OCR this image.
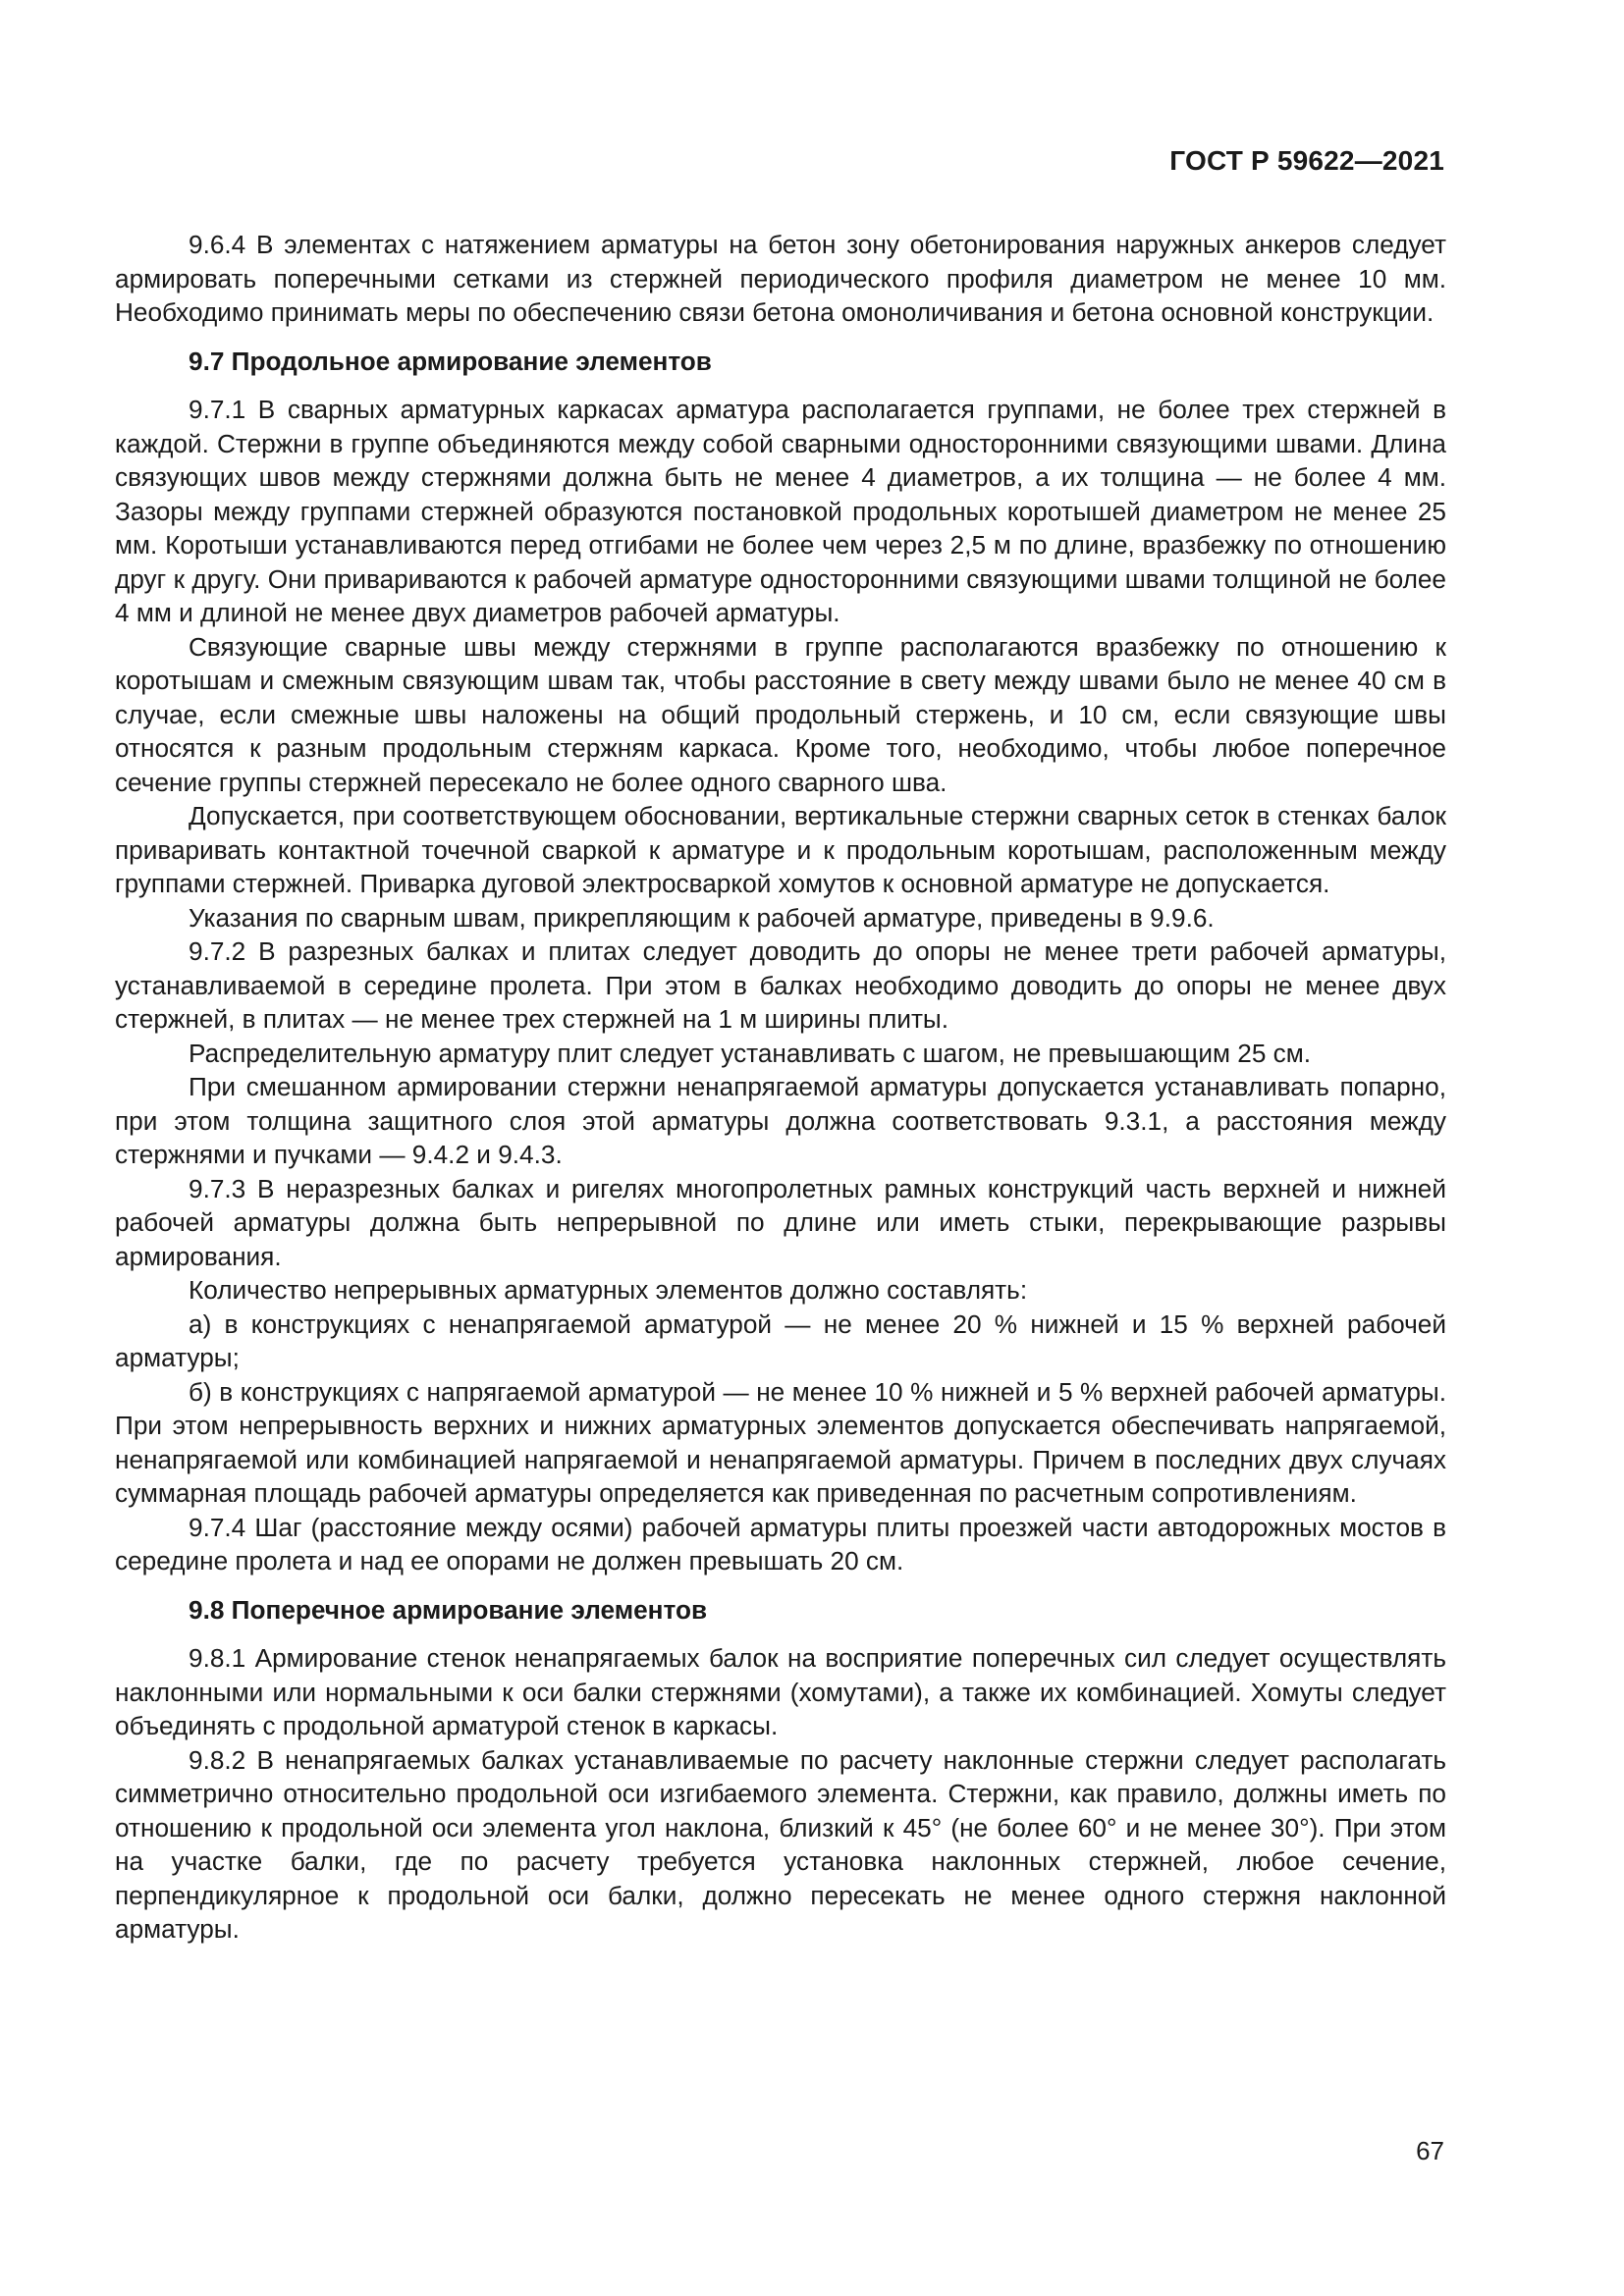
ГОСТ Р 59622—2021

9.6.4 В элементах с натяжением арматуры на бетон зону обетонирования наружных анкеров следует армировать поперечными сетками из стержней периодического профиля диаметром не менее 10 мм. Необходимо принимать меры по обеспечению связи бетона омоноличивания и бетона основной конструкции.

9.7 Продольное армирование элементов

9.7.1 В сварных арматурных каркасах арматура располагается группами, не более трех стержней в каждой. Стержни в группе объединяются между собой сварными односторонними связующими швами. Длина связующих швов между стержнями должна быть не менее 4 диаметров, а их толщина — не более 4 мм. Зазоры между группами стержней образуются постановкой продольных коротышей диаметром не менее 25 мм. Коротыши устанавливаются перед отгибами не более чем через 2,5 м по длине, вразбежку по отношению друг к другу. Они привариваются к рабочей арматуре односторонними связующими швами толщиной не более 4 мм и длиной не менее двух диаметров рабочей арматуры.

Связующие сварные швы между стержнями в группе располагаются вразбежку по отношению к коротышам и смежным связующим швам так, чтобы расстояние в свету между швами было не менее 40 см в случае, если смежные швы наложены на общий продольный стержень, и 10 см, если связующие швы относятся к разным продольным стержням каркаса. Кроме того, необходимо, чтобы любое поперечное сечение группы стержней пересекало не более одного сварного шва.

Допускается, при соответствующем обосновании, вертикальные стержни сварных сеток в стенках балок приваривать контактной точечной сваркой к арматуре и к продольным коротышам, расположенным между группами стержней. Приварка дуговой электросваркой хомутов к основной арматуре не допускается.

Указания по сварным швам, прикрепляющим к рабочей арматуре, приведены в 9.9.6.

9.7.2 В разрезных балках и плитах следует доводить до опоры не менее трети рабочей арматуры, устанавливаемой в середине пролета. При этом в балках необходимо доводить до опоры не менее двух стержней, в плитах — не менее трех стержней на 1 м ширины плиты.

Распределительную арматуру плит следует устанавливать с шагом, не превышающим 25 см.

При смешанном армировании стержни ненапрягаемой арматуры допускается устанавливать попарно, при этом толщина защитного слоя этой арматуры должна соответствовать 9.3.1, а расстояния между стержнями и пучками — 9.4.2 и 9.4.3.

9.7.3 В неразрезных балках и ригелях многопролетных рамных конструкций часть верхней и нижней рабочей арматуры должна быть непрерывной по длине или иметь стыки, перекрывающие разрывы армирования.

Количество непрерывных арматурных элементов должно составлять:

а) в конструкциях с ненапрягаемой арматурой — не менее 20 % нижней и 15 % верхней рабочей арматуры;

б) в конструкциях с напрягаемой арматурой — не менее 10 % нижней и 5 % верхней рабочей арматуры. При этом непрерывность верхних и нижних арматурных элементов допускается обеспечивать напрягаемой, ненапрягаемой или комбинацией напрягаемой и ненапрягаемой арматуры. Причем в последних двух случаях суммарная площадь рабочей арматуры определяется как приведенная по расчетным сопротивлениям.

9.7.4 Шаг (расстояние между осями) рабочей арматуры плиты проезжей части автодорожных мостов в середине пролета и над ее опорами не должен превышать 20 см.

9.8 Поперечное армирование элементов

9.8.1 Армирование стенок ненапрягаемых балок на восприятие поперечных сил следует осуществлять наклонными или нормальными к оси балки стержнями (хомутами), а также их комбинацией. Хомуты следует объединять с продольной арматурой стенок в каркасы.

9.8.2 В ненапрягаемых балках устанавливаемые по расчету наклонные стержни следует располагать симметрично относительно продольной оси изгибаемого элемента. Стержни, как правило, должны иметь по отношению к продольной оси элемента угол наклона, близкий к 45° (не более 60° и не менее 30°). При этом на участке балки, где по расчету требуется установка наклонных стержней, любое сечение, перпендикулярное к продольной оси балки, должно пересекать не менее одного стержня наклонной арматуры.

67
